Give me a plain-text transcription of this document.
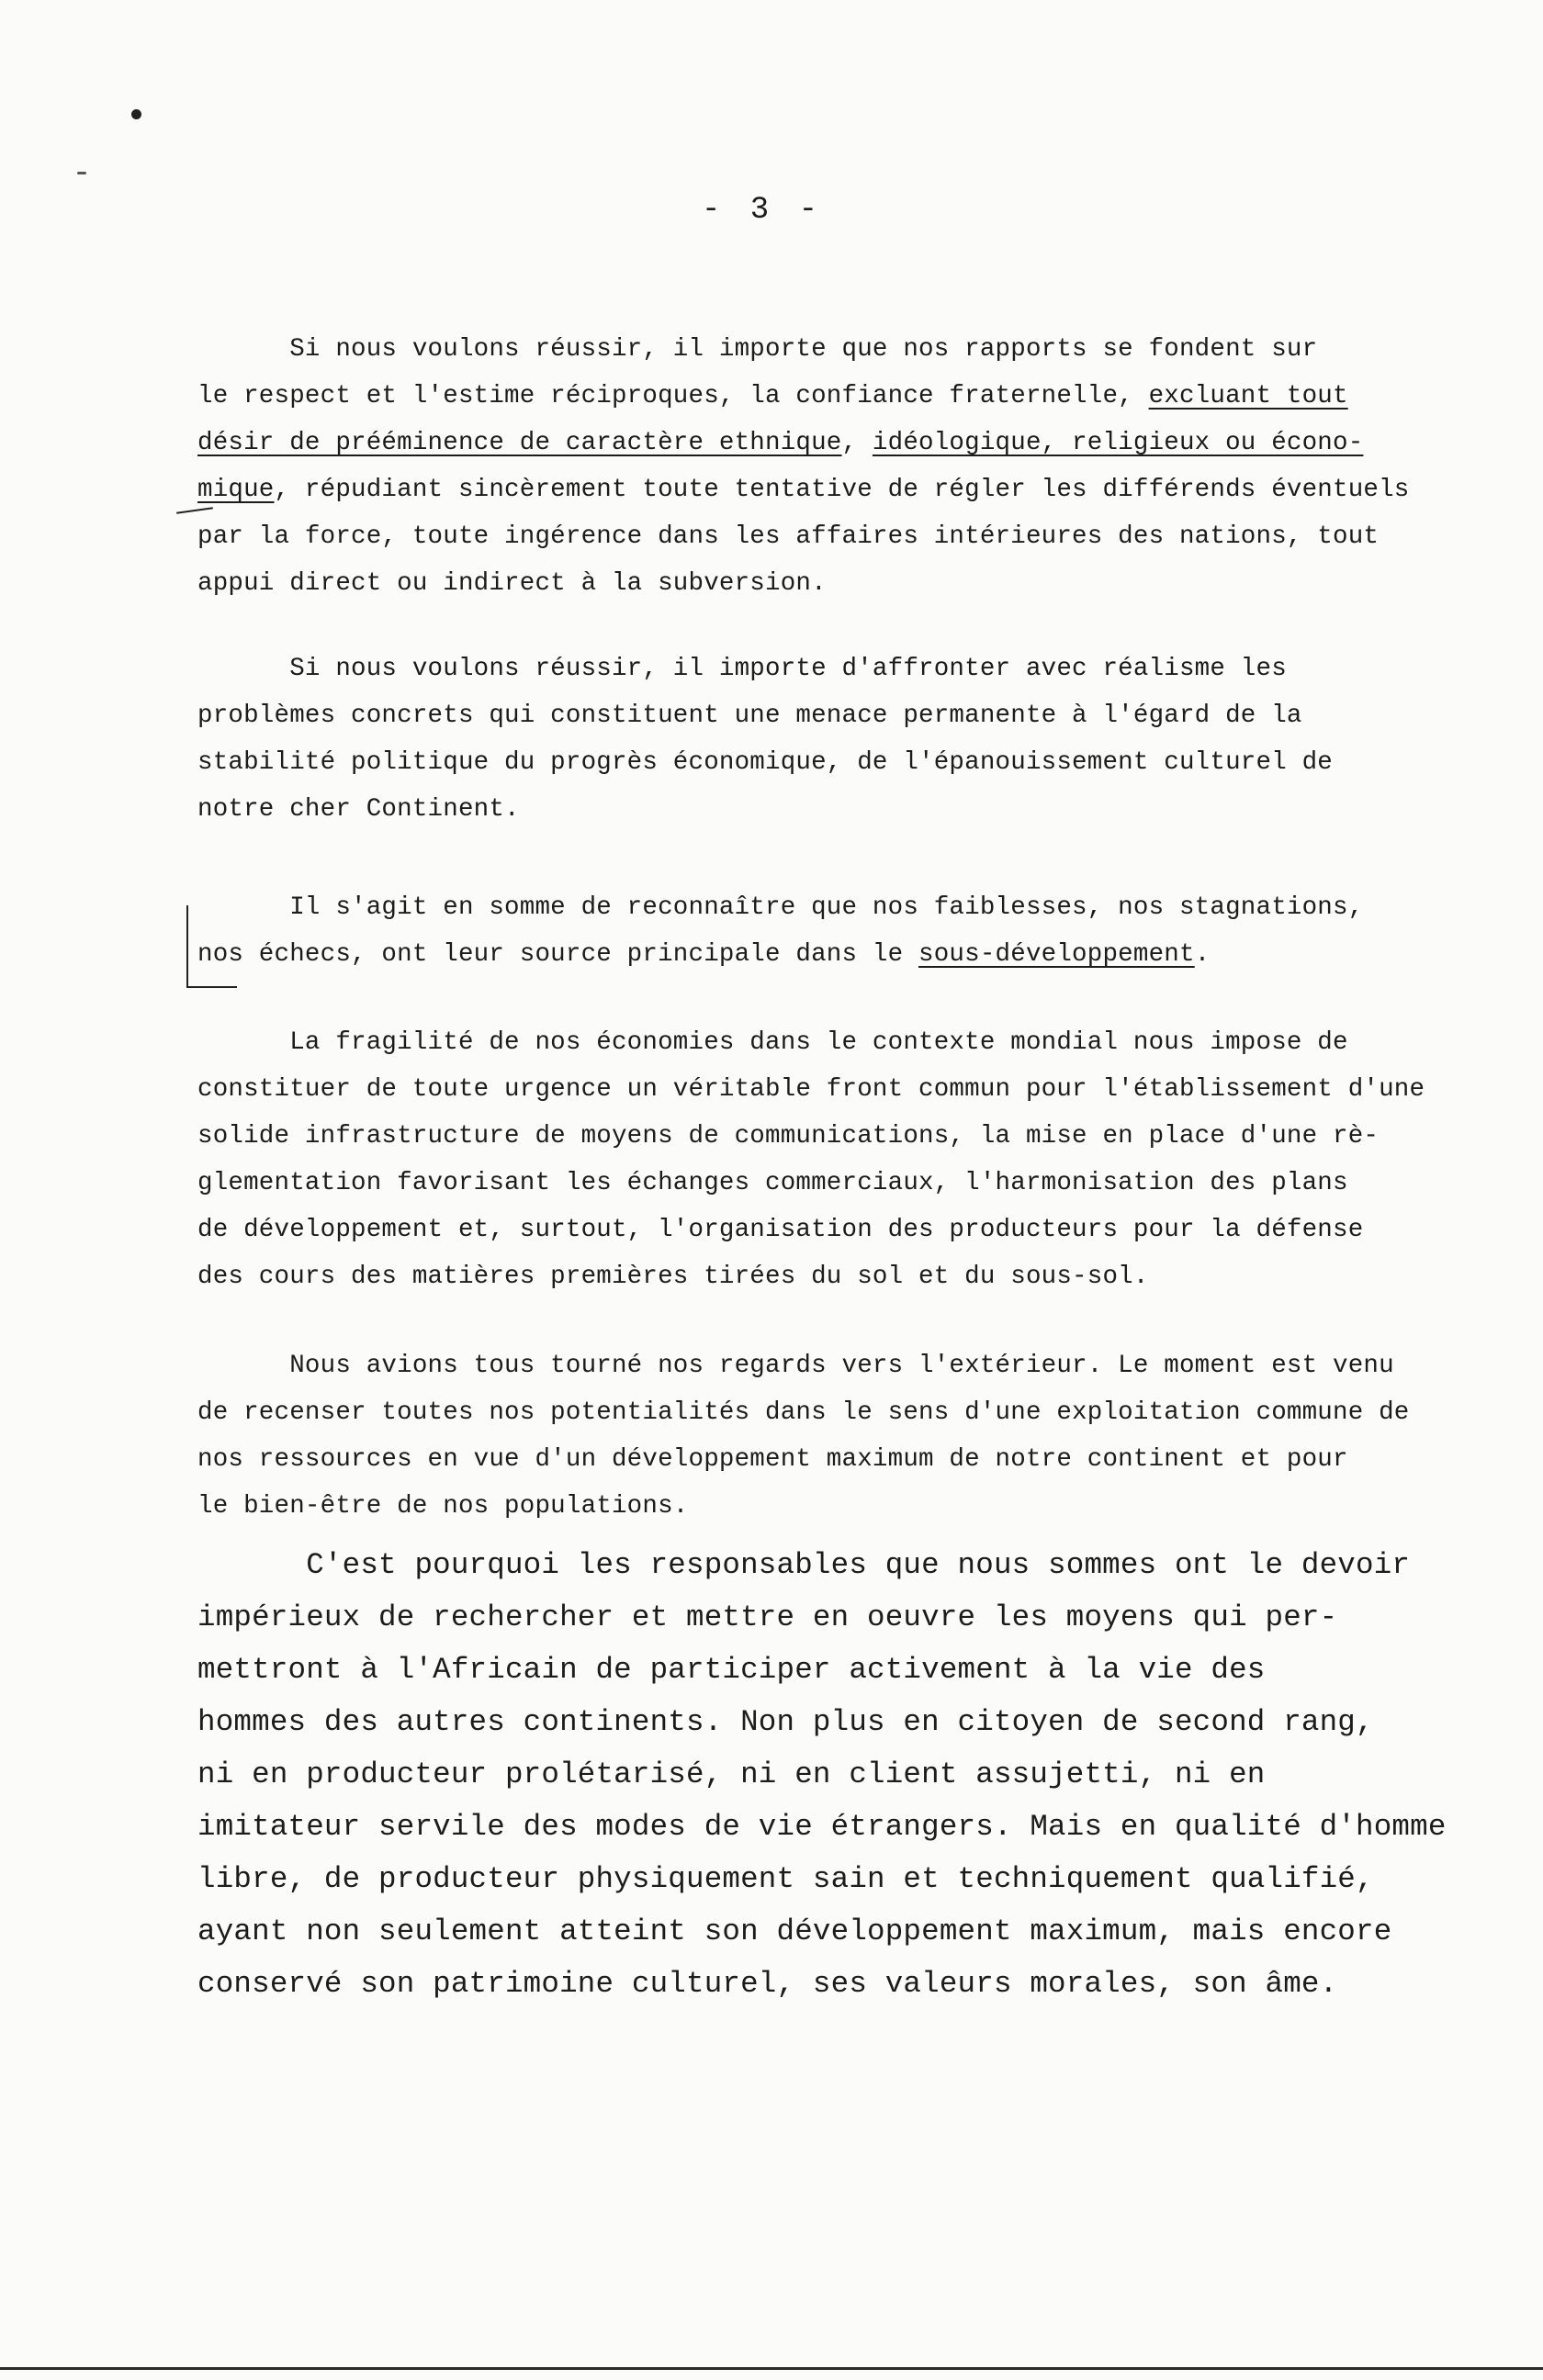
- 3 -
Si nous voulons réussir, il importe que nos rapports se fondent sur
le respect et l'estime réciproques, la confiance fraternelle, excluant tout
désir de prééminence de caractère ethnique, idéologique, religieux ou écono-
mique, répudiant sincèrement toute tentative de régler les différends éventuels
par la force, toute ingérence dans les affaires intérieures des nations, tout
appui direct ou indirect à la subversion.
Si nous voulons réussir, il importe d'affronter avec réalisme les
problèmes concrets qui constituent une menace permanente à l'égard de la
stabilité politique du progrès économique, de l'épanouissement culturel de
notre cher Continent.
Il s'agit en somme de reconnaître que nos faiblesses, nos stagnations,
nos échecs, ont leur source principale dans le sous-développement.
La fragilité de nos économies dans le contexte mondial nous impose de
constituer de toute urgence un véritable front commun pour l'établissement d'une
solide infrastructure de moyens de communications, la mise en place d'une rè-
glementation favorisant les échanges commerciaux, l'harmonisation des plans
de développement et, surtout, l'organisation des producteurs pour la défense
des cours des matières premières tirées du sol et du sous-sol.
Nous avions tous tourné nos regards vers l'extérieur. Le moment est venu
de recenser toutes nos potentialités dans le sens d'une exploitation commune de
nos ressources en vue d'un développement maximum de notre continent et pour
le bien-être de nos populations.
C'est pourquoi les responsables que nous sommes ont le devoir
impérieux de rechercher et mettre en oeuvre les moyens qui per-
mettront à l'Africain de participer activement à la vie des
hommes des autres continents. Non plus en citoyen de second rang,
ni en producteur prolétarisé, ni en client assujetti, ni en
imitateur servile des modes de vie étrangers. Mais en qualité d'homme
libre, de producteur physiquement sain et techniquement qualifié,
ayant non seulement atteint son développement maximum, mais encore
conservé son patrimoine culturel, ses valeurs morales, son âme.
